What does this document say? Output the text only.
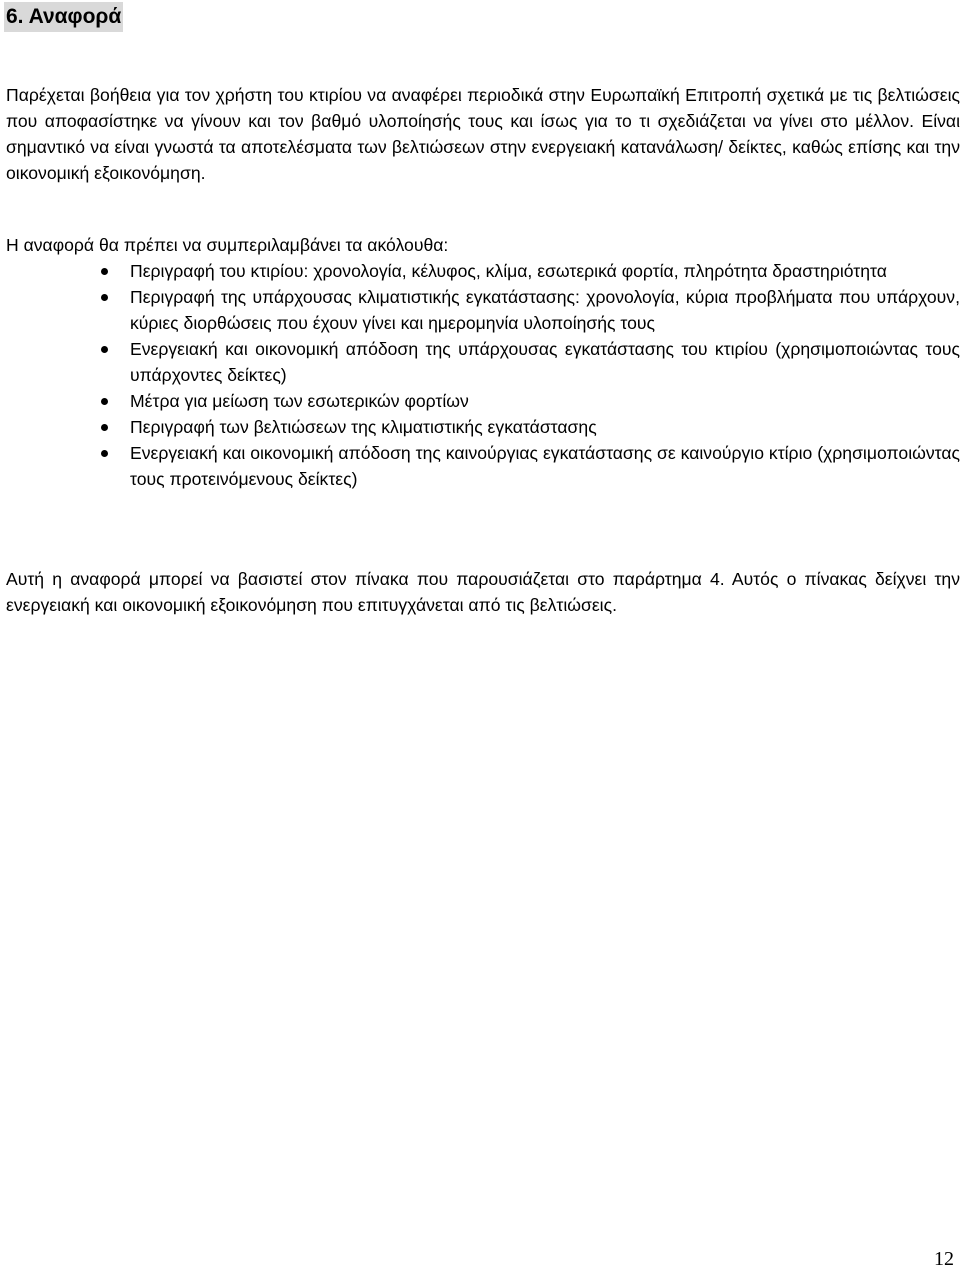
6. Αναφορά

Παρέχεται βοήθεια για τον χρήστη του κτιρίου να αναφέρει περιοδικά στην Ευρωπαϊκή Επιτροπή σχετικά με τις βελτιώσεις που αποφασίστηκε να γίνουν και τον βαθμό υλοποίησής τους και ίσως για το τι σχεδιάζεται να γίνει στο μέλλον. Είναι σημαντικό να είναι γνωστά τα αποτελέσματα των βελτιώσεων στην ενεργειακή κατανάλωση/ δείκτες, καθώς επίσης και την οικονομική εξοικονόμηση.

Η αναφορά θα πρέπει να συμπεριλαμβάνει τα ακόλουθα:

Περιγραφή του κτιρίου: χρονολογία, κέλυφος, κλίμα, εσωτερικά φορτία, πληρότητα δραστηριότητα
Περιγραφή της υπάρχουσας κλιματιστικής εγκατάστασης: χρονολογία, κύρια προβλήματα που υπάρχουν, κύριες διορθώσεις που έχουν γίνει και ημερομηνία υλοποίησής τους
Ενεργειακή και οικονομική απόδοση της υπάρχουσας εγκατάστασης του κτιρίου (χρησιμοποιώντας τους υπάρχοντες δείκτες)
Μέτρα για μείωση των εσωτερικών φορτίων
Περιγραφή των βελτιώσεων της κλιματιστικής εγκατάστασης
Ενεργειακή και οικονομική απόδοση της καινούργιας εγκατάστασης σε καινούργιο κτίριο (χρησιμοποιώντας τους προτεινόμενους δείκτες)

Αυτή η αναφορά μπορεί να βασιστεί στον πίνακα που παρουσιάζεται στο παράρτημα 4. Αυτός ο πίνακας δείχνει την ενεργειακή και οικονομική εξοικονόμηση που επιτυγχάνεται από τις βελτιώσεις.

12
